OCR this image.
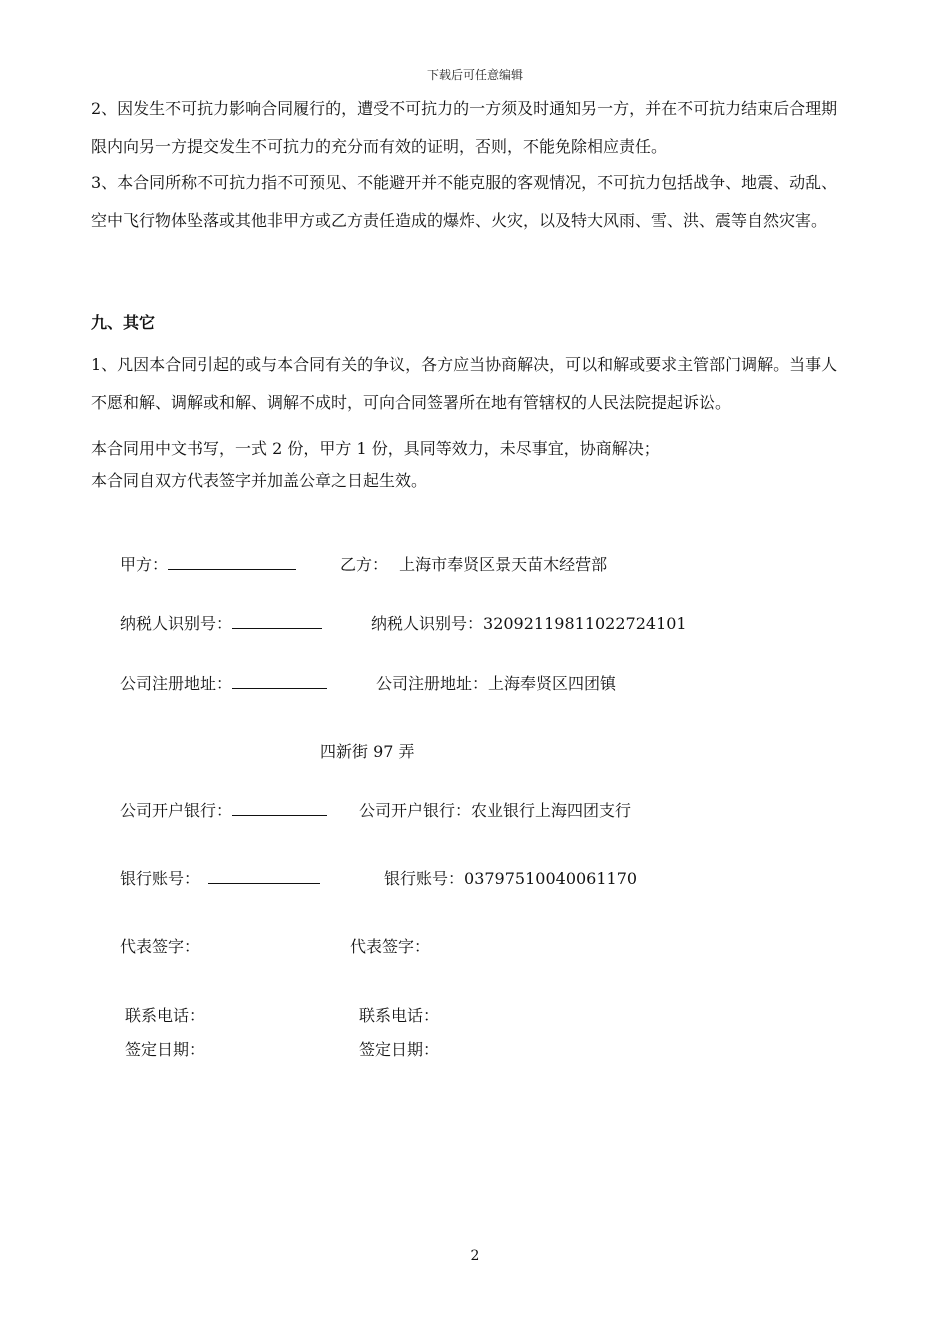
下载后可任意编辑

2、因发生不可抗力影响合同履行的，遭受不可抗力的一方须及时通知另一方，并在不可抗力结束后合理期限内向另一方提交发生不可抗力的充分而有效的证明，否则，不能免除相应责任。

3、本合同所称不可抗力指不可预见、不能避开并不能克服的客观情况，不可抗力包括战争、地震、动乱、空中飞行物体坠落或其他非甲方或乙方责任造成的爆炸、火灾，以及特大风雨、雪、洪、震等自然灾害。

九、其它

1、凡因本合同引起的或与本合同有关的争议，各方应当协商解决，可以和解或要求主管部门调解。当事人不愿和解、调解或和解、调解不成时，可向合同签署所在地有管辖权的人民法院提起诉讼。

本合同用中文书写，一式 2 份，甲方 1 份，具同等效力，未尽事宜，协商解决；
本合同自双方代表签字并加盖公章之日起生效。
甲方：	乙方： 上海市奉贤区景天苗木经营部
纳税人识别号：	纳税人识别号：32092119811022724101
公司注册地址：	公司注册地址：上海奉贤区四团镇
四新街 97 弄
公司开户银行：	公司开户银行：农业银行上海四团支行
银行账号：	银行账号：03797510040061170
代表签字：	代表签字：
联系电话：	联系电话：
签定日期：	签定日期：
2
